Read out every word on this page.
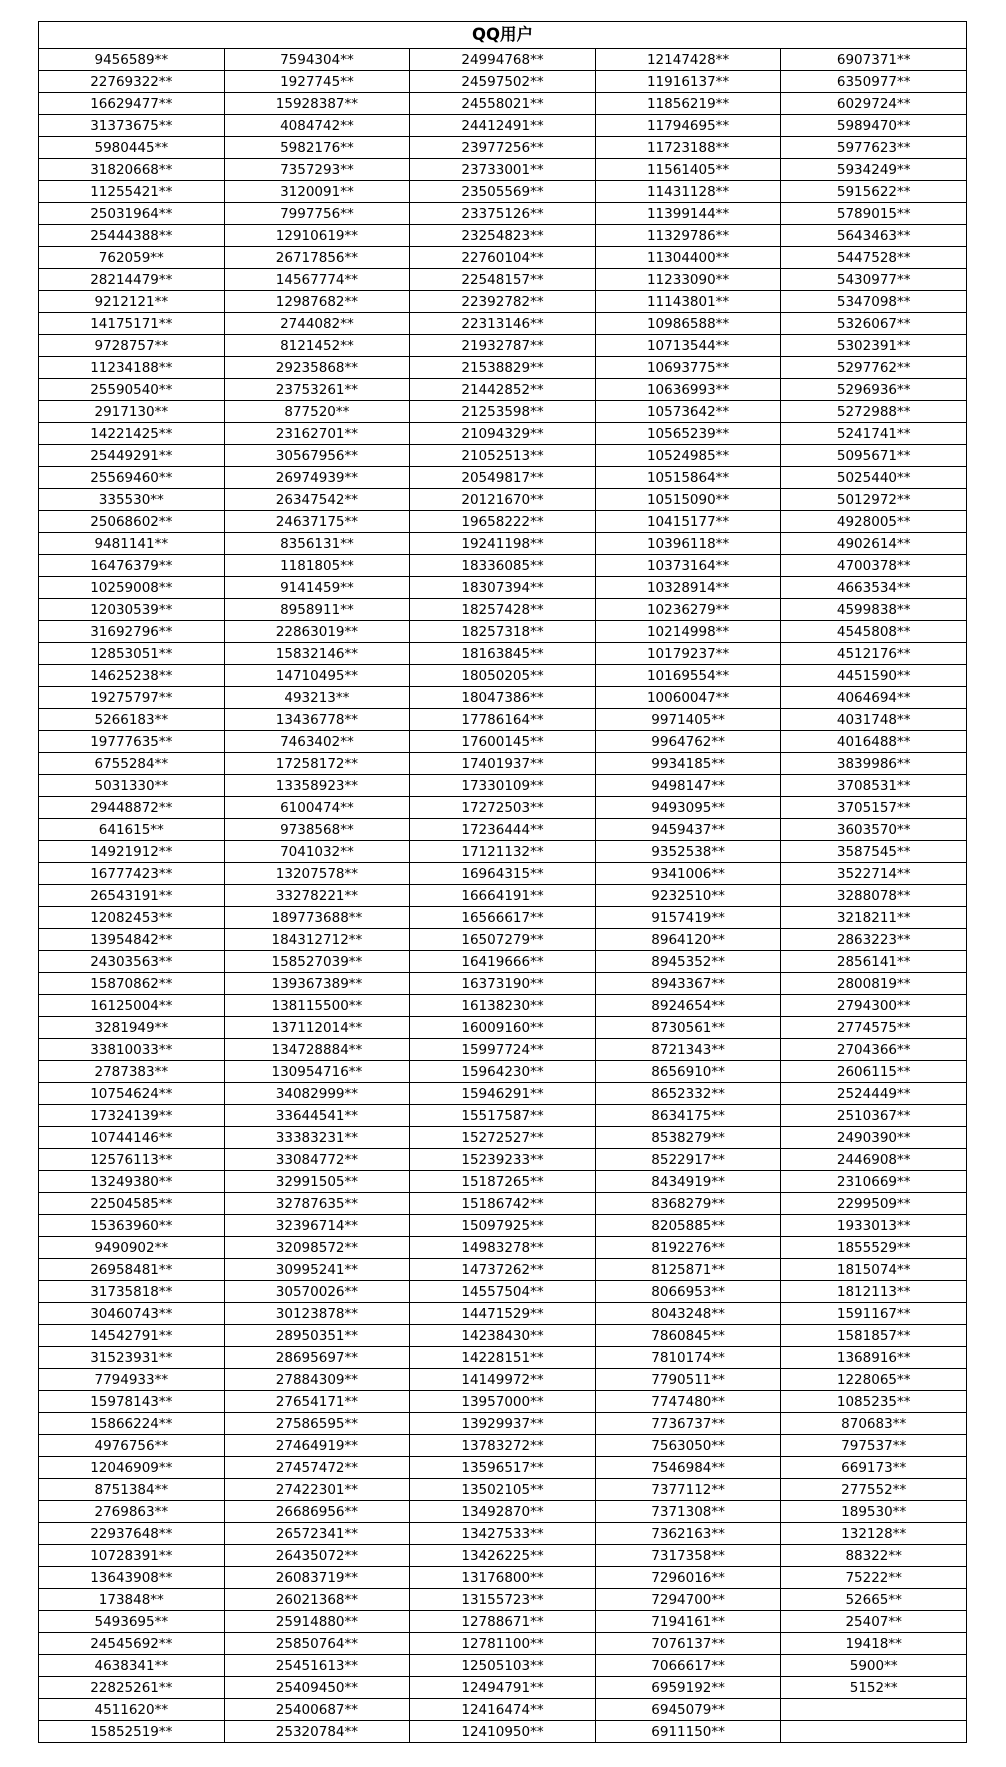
QQ用户				
9456589**	7594304**	24994768**	12147428**	6907371**
22769322**	1927745**	24597502**	11916137**	6350977**
16629477**	15928387**	24558021**	11856219**	6029724**
31373675**	4084742**	24412491**	11794695**	5989470**
5980445**	5982176**	23977256**	11723188**	5977623**
31820668**	7357293**	23733001**	11561405**	5934249**
11255421**	3120091**	23505569**	11431128**	5915622**
25031964**	7997756**	23375126**	11399144**	5789015**
25444388**	12910619**	23254823**	11329786**	5643463**
762059**	26717856**	22760104**	11304400**	5447528**
28214479**	14567774**	22548157**	11233090**	5430977**
9212121**	12987682**	22392782**	11143801**	5347098**
14175171**	2744082**	22313146**	10986588**	5326067**
9728757**	8121452**	21932787**	10713544**	5302391**
11234188**	29235868**	21538829**	10693775**	5297762**
25590540**	23753261**	21442852**	10636993**	5296936**
2917130**	877520**	21253598**	10573642**	5272988**
14221425**	23162701**	21094329**	10565239**	5241741**
25449291**	30567956**	21052513**	10524985**	5095671**
25569460**	26974939**	20549817**	10515864**	5025440**
335530**	26347542**	20121670**	10515090**	5012972**
25068602**	24637175**	19658222**	10415177**	4928005**
9481141**	8356131**	19241198**	10396118**	4902614**
16476379**	1181805**	18336085**	10373164**	4700378**
10259008**	9141459**	18307394**	10328914**	4663534**
12030539**	8958911**	18257428**	10236279**	4599838**
31692796**	22863019**	18257318**	10214998**	4545808**
12853051**	15832146**	18163845**	10179237**	4512176**
14625238**	14710495**	18050205**	10169554**	4451590**
19275797**	493213**	18047386**	10060047**	4064694**
5266183**	13436778**	17786164**	9971405**	4031748**
19777635**	7463402**	17600145**	9964762**	4016488**
6755284**	17258172**	17401937**	9934185**	3839986**
5031330**	13358923**	17330109**	9498147**	3708531**
29448872**	6100474**	17272503**	9493095**	3705157**
641615**	9738568**	17236444**	9459437**	3603570**
14921912**	7041032**	17121132**	9352538**	3587545**
16777423**	13207578**	16964315**	9341006**	3522714**
26543191**	33278221**	16664191**	9232510**	3288078**
12082453**	189773688**	16566617**	9157419**	3218211**
13954842**	184312712**	16507279**	8964120**	2863223**
24303563**	158527039**	16419666**	8945352**	2856141**
15870862**	139367389**	16373190**	8943367**	2800819**
16125004**	138115500**	16138230**	8924654**	2794300**
3281949**	137112014**	16009160**	8730561**	2774575**
33810033**	134728884**	15997724**	8721343**	2704366**
2787383**	130954716**	15964230**	8656910**	2606115**
10754624**	34082999**	15946291**	8652332**	2524449**
17324139**	33644541**	15517587**	8634175**	2510367**
10744146**	33383231**	15272527**	8538279**	2490390**
12576113**	33084772**	15239233**	8522917**	2446908**
13249380**	32991505**	15187265**	8434919**	2310669**
22504585**	32787635**	15186742**	8368279**	2299509**
15363960**	32396714**	15097925**	8205885**	1933013**
9490902**	32098572**	14983278**	8192276**	1855529**
26958481**	30995241**	14737262**	8125871**	1815074**
31735818**	30570026**	14557504**	8066953**	1812113**
30460743**	30123878**	14471529**	8043248**	1591167**
14542791**	28950351**	14238430**	7860845**	1581857**
31523931**	28695697**	14228151**	7810174**	1368916**
7794933**	27884309**	14149972**	7790511**	1228065**
15978143**	27654171**	13957000**	7747480**	1085235**
15866224**	27586595**	13929937**	7736737**	870683**
4976756**	27464919**	13783272**	7563050**	797537**
12046909**	27457472**	13596517**	7546984**	669173**
8751384**	27422301**	13502105**	7377112**	277552**
2769863**	26686956**	13492870**	7371308**	189530**
22937648**	26572341**	13427533**	7362163**	132128**
10728391**	26435072**	13426225**	7317358**	88322**
13643908**	26083719**	13176800**	7296016**	75222**
173848**	26021368**	13155723**	7294700**	52665**
5493695**	25914880**	12788671**	7194161**	25407**
24545692**	25850764**	12781100**	7076137**	19418**
4638341**	25451613**	12505103**	7066617**	5900**
22825261**	25409450**	12494791**	6959192**	5152**
4511620**	25400687**	12416474**	6945079**	
15852519**	25320784**	12410950**	6911150**	
